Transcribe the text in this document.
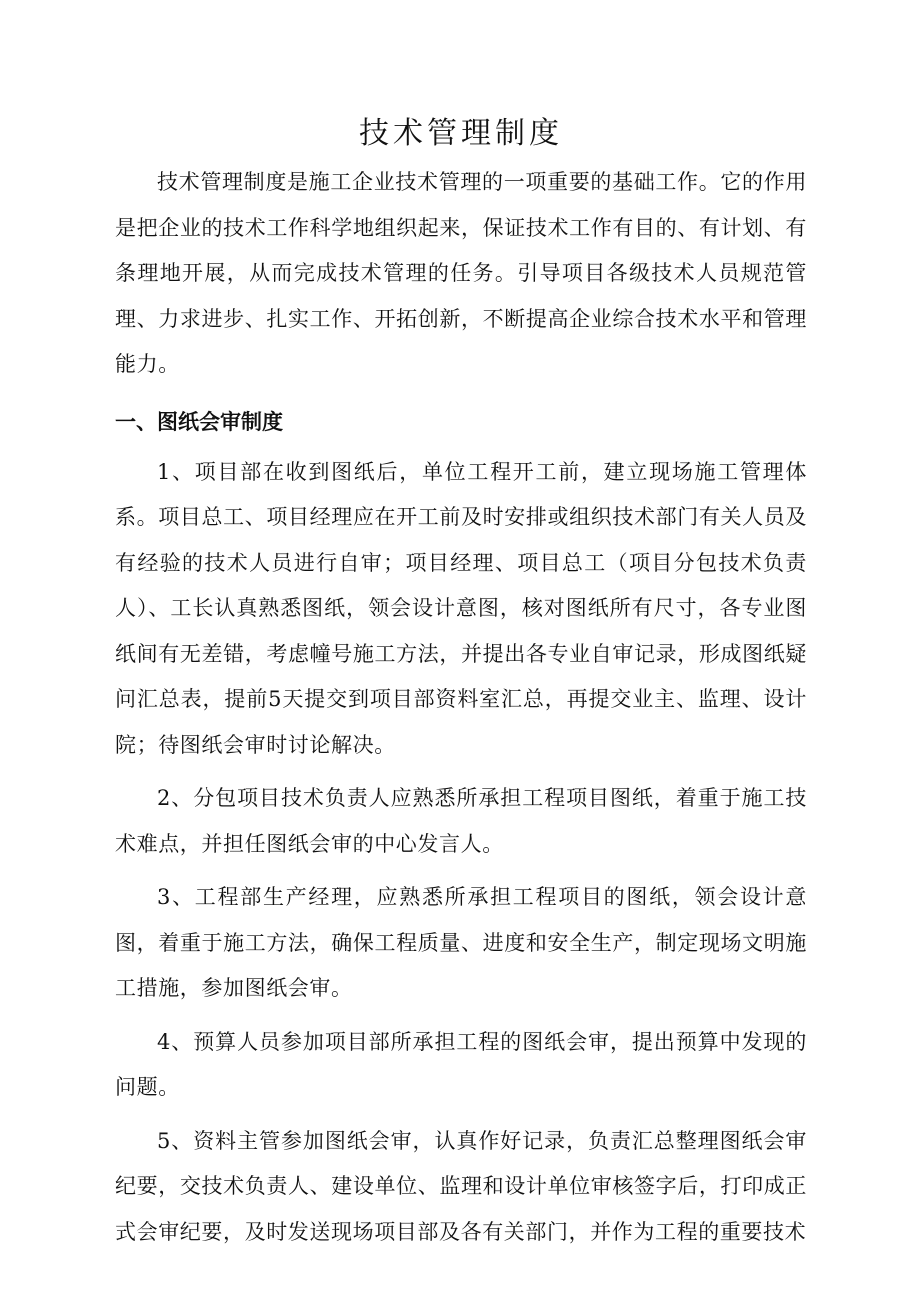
技术管理制度

技术管理制度是施工企业技术管理的一项重要的基础工作。它的作用是把企业的技术工作科学地组织起来，保证技术工作有目的、有计划、有条理地开展，从而完成技术管理的任务。引导项目各级技术人员规范管理、力求进步、扎实工作、开拓创新，不断提高企业综合技术水平和管理能力。

一、图纸会审制度

1、项目部在收到图纸后，单位工程开工前，建立现场施工管理体系。项目总工、项目经理应在开工前及时安排或组织技术部门有关人员及有经验的技术人员进行自审；项目经理、项目总工（项目分包技术负责人）、工长认真熟悉图纸，领会设计意图，核对图纸所有尺寸，各专业图纸间有无差错，考虑幢号施工方法，并提出各专业自审记录，形成图纸疑问汇总表，提前5天提交到项目部资料室汇总，再提交业主、监理、设计院；待图纸会审时讨论解决。

2、分包项目技术负责人应熟悉所承担工程项目图纸，着重于施工技术难点，并担任图纸会审的中心发言人。

3、工程部生产经理，应熟悉所承担工程项目的图纸，领会设计意图，着重于施工方法，确保工程质量、进度和安全生产，制定现场文明施工措施，参加图纸会审。

4、预算人员参加项目部所承担工程的图纸会审，提出预算中发现的问题。

5、资料主管参加图纸会审，认真作好记录，负责汇总整理图纸会审纪要，交技术负责人、建设单位、监理和设计单位审核签字后，打印成正式会审纪要，及时发送现场项目部及各有关部门，并作为工程的重要技术
